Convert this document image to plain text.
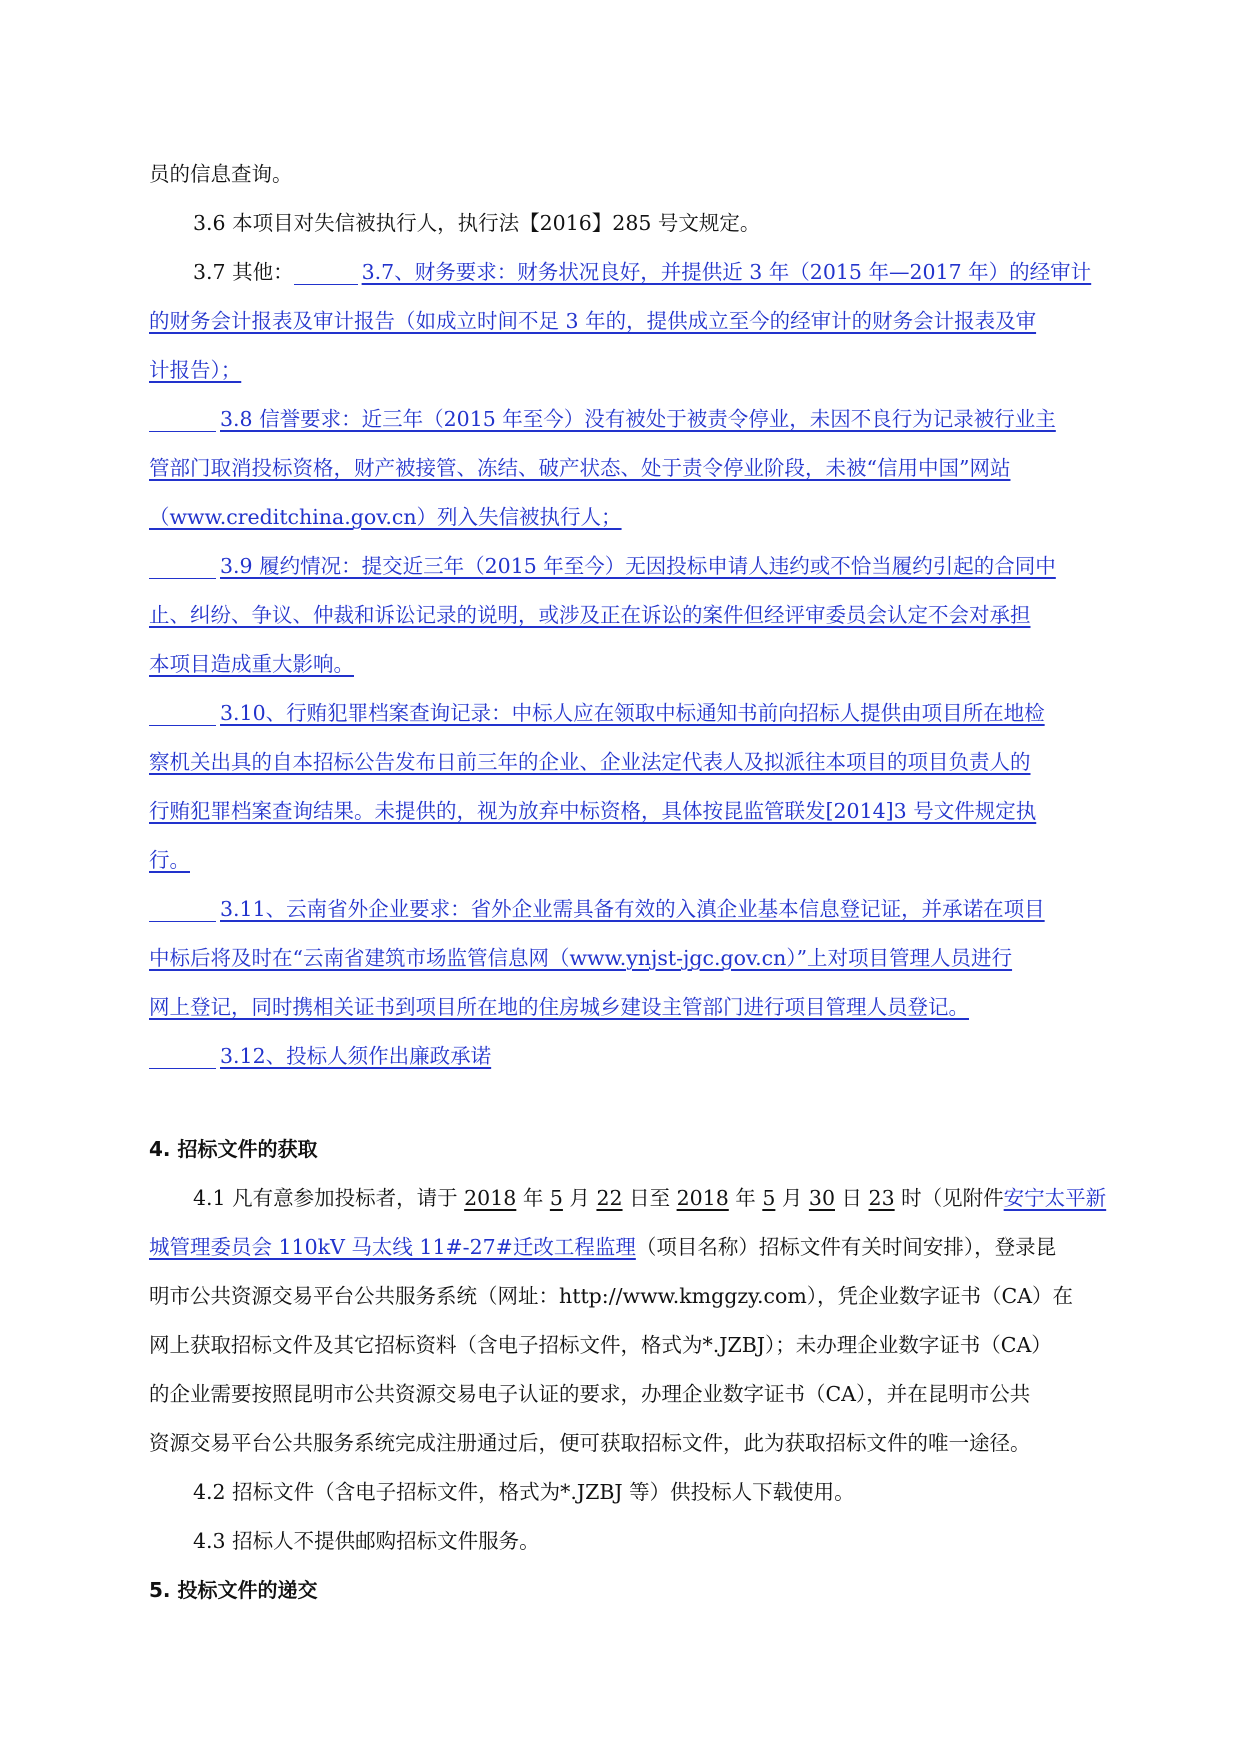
员的信息查询。
3.6 本项目对失信被执行人，执行法【2016】285 号文规定。
3.7 其他：	3.7、财务要求：财务状况良好，并提供近 3 年（2015 年—2017 年）的经审计
的财务会计报表及审计报告（如成立时间不足 3 年的，提供成立至今的经审计的财务会计报表及审
计报告）；
3.8 信誉要求：近三年（2015 年至今）没有被处于被责令停业，未因不良行为记录被行业主
管部门取消投标资格，财产被接管、冻结、破产状态、处于责令停业阶段，未被“信用中国”网站
（www.creditchina.gov.cn）列入失信被执行人；
3.9 履约情况：提交近三年（2015 年至今）无因投标申请人违约或不恰当履约引起的合同中
止、纠纷、争议、仲裁和诉讼记录的说明，或涉及正在诉讼的案件但经评审委员会认定不会对承担
本项目造成重大影响。
3.10、行贿犯罪档案查询记录：中标人应在领取中标通知书前向招标人提供由项目所在地检
察机关出具的自本招标公告发布日前三年的企业、企业法定代表人及拟派往本项目的项目负责人的
行贿犯罪档案查询结果。未提供的，视为放弃中标资格，具体按昆监管联发[2014]3 号文件规定执
行。
3.11、云南省外企业要求：省外企业需具备有效的入滇企业基本信息登记证，并承诺在项目
中标后将及时在“云南省建筑市场监管信息网（www.ynjst-jgc.gov.cn）”上对项目管理人员进行
网上登记，同时携相关证书到项目所在地的住房城乡建设主管部门进行项目管理人员登记。
3.12、投标人须作出廉政承诺
4. 招标文件的获取
4.1 凡有意参加投标者，请于 2018 年 5 月 22 日至 2018 年 5 月 30 日 23 时（见附件安宁太平新
城管理委员会 110kV 马太线 11#-27#迁改工程监理（项目名称）招标文件有关时间安排），登录昆
明市公共资源交易平台公共服务系统（网址：http://www.kmggzy.com），凭企业数字证书（CA）在
网上获取招标文件及其它招标资料（含电子招标文件，格式为*.JZBJ）；未办理企业数字证书（CA）
的企业需要按照昆明市公共资源交易电子认证的要求，办理企业数字证书（CA），并在昆明市公共
资源交易平台公共服务系统完成注册通过后，便可获取招标文件，此为获取招标文件的唯一途径。
4.2 招标文件（含电子招标文件，格式为*.JZBJ 等）供投标人下载使用。
4.3 招标人不提供邮购招标文件服务。
5. 投标文件的递交
